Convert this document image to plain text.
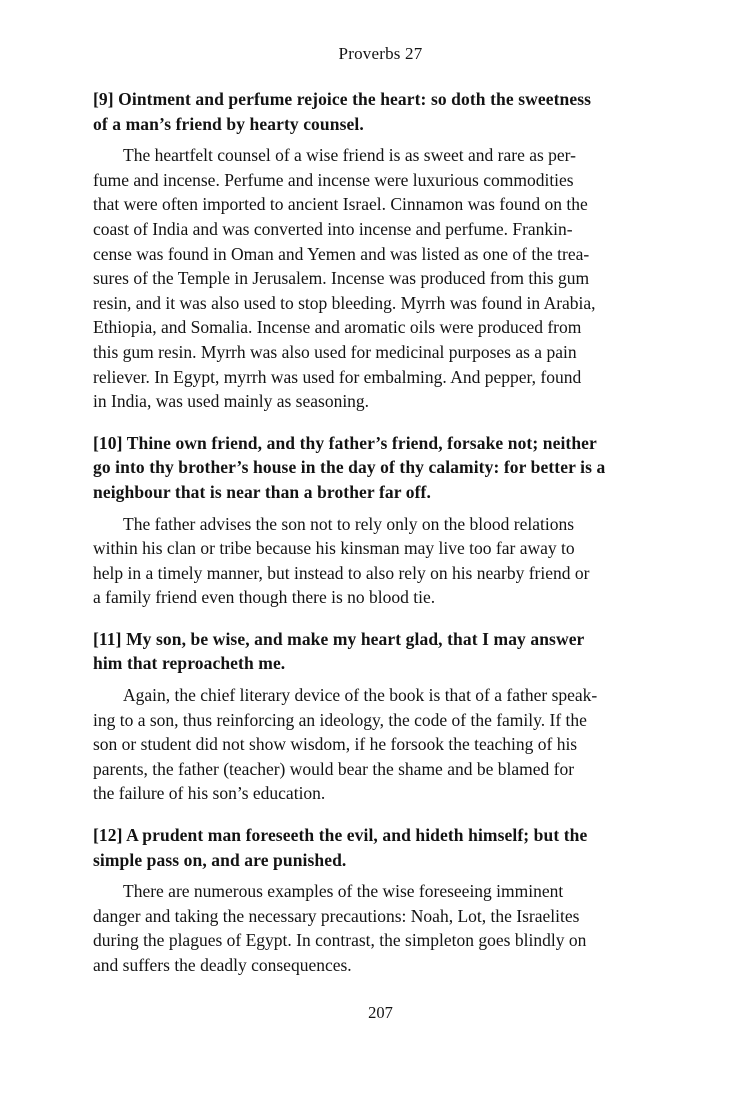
Proverbs 27
[9] Ointment and perfume rejoice the heart: so doth the sweetness
of a man’s friend by hearty counsel.
The heartfelt counsel of a wise friend is as sweet and rare as per-
fume and incense. Perfume and incense were luxurious commodities
that were often imported to ancient Israel. Cinnamon was found on the
coast of India and was converted into incense and perfume. Frankin-
cense was found in Oman and Yemen and was listed as one of the trea-
sures of the Temple in Jerusalem. Incense was produced from this gum
resin, and it was also used to stop bleeding. Myrrh was found in Arabia,
Ethiopia, and Somalia. Incense and aromatic oils were produced from
this gum resin. Myrrh was also used for medicinal purposes as a pain
reliever. In Egypt, myrrh was used for embalming. And pepper, found
in India, was used mainly as seasoning.
[10] Thine own friend, and thy father’s friend, forsake not; neither
go into thy brother’s house in the day of thy calamity: for better is a
neighbour that is near than a brother far off.
The father advises the son not to rely only on the blood relations
within his clan or tribe because his kinsman may live too far away to
help in a timely manner, but instead to also rely on his nearby friend or
a family friend even though there is no blood tie.
[11] My son, be wise, and make my heart glad, that I may answer
him that reproacheth me.
Again, the chief literary device of the book is that of a father speak-
ing to a son, thus reinforcing an ideology, the code of the family. If the
son or student did not show wisdom, if he forsook the teaching of his
parents, the father (teacher) would bear the shame and be blamed for
the failure of his son’s education.
[12] A prudent man foreseeth the evil, and hideth himself; but the
simple pass on, and are punished.
There are numerous examples of the wise foreseeing imminent
danger and taking the necessary precautions: Noah, Lot, the Israelites
during the plagues of Egypt. In contrast, the simpleton goes blindly on
and suffers the deadly consequences.
207
